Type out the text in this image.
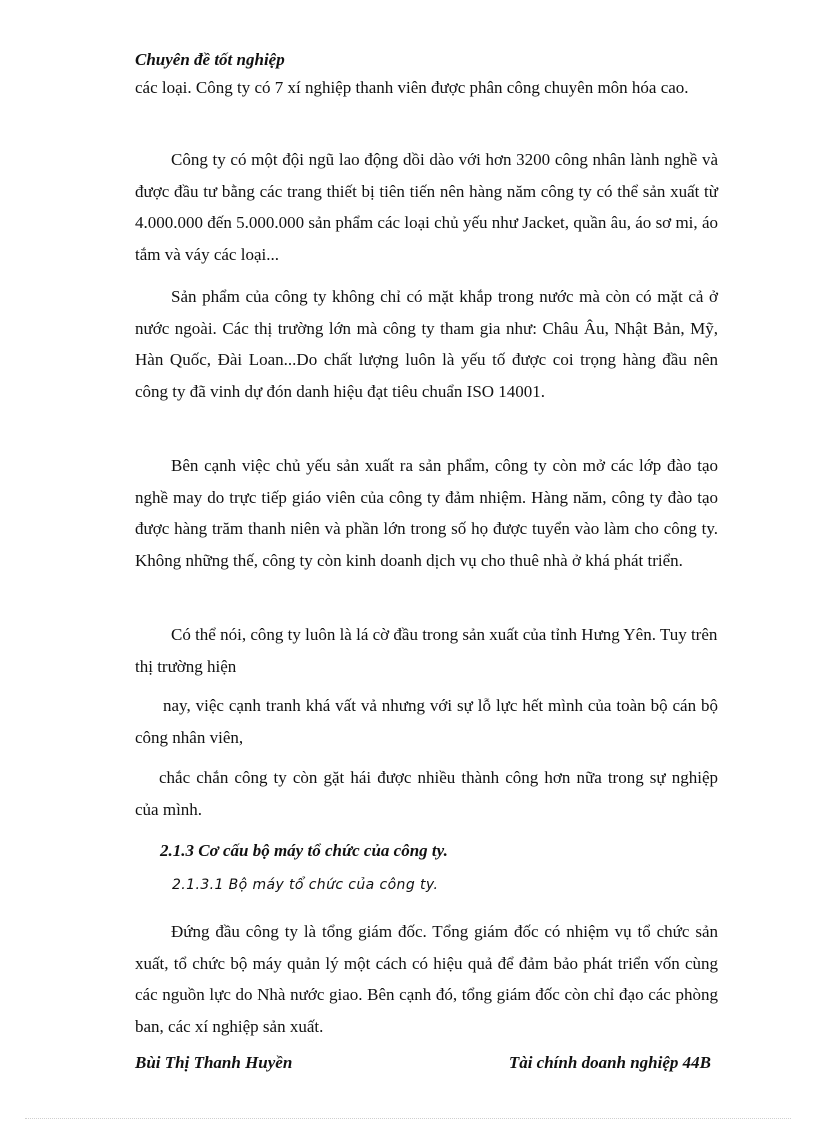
Chuyên đề tốt nghiệp

các loại. Công ty có 7 xí nghiệp thanh viên được phân công chuyên môn hóa cao.

Công ty có một đội ngũ lao động dồi dào với hơn 3200 công nhân lành nghề và được đầu tư bằng các trang thiết bị tiên tiến nên hàng năm công ty có thể sản xuất từ 4.000.000 đến 5.000.000 sản phẩm các loại chủ yếu như Jacket, quần âu, áo sơ mi, áo tắm và váy các loại...

Sản phẩm của công ty không chỉ có mặt khắp trong nước mà còn có mặt cả ở nước ngoài. Các thị trường lớn mà công ty tham gia như: Châu Âu, Nhật Bản, Mỹ, Hàn Quốc, Đài Loan...Do chất lượng luôn là yếu tố được coi trọng hàng đầu nên công ty đã vinh dự đón danh hiệu đạt tiêu chuẩn ISO 14001.

Bên cạnh việc chủ yếu sản xuất ra sản phẩm, công ty còn mở các lớp đào tạo nghề may do trực tiếp giáo viên của công ty đảm nhiệm. Hàng năm, công ty đào tạo được hàng trăm thanh niên và phần lớn trong số họ được tuyển vào làm cho công ty. Không những thế, công ty còn kinh doanh dịch vụ cho thuê nhà ở khá phát triển.

Có thể nói, công ty luôn là lá cờ đầu trong sản xuất của tỉnh Hưng Yên. Tuy trên thị trường hiện

nay, việc cạnh tranh khá vất vả nhưng với sự lỗ lực hết mình của toàn bộ cán bộ công nhân viên,

chắc chắn công ty còn gặt hái được nhiều thành công hơn nữa trong sự nghiệp của mình.

2.1.3 Cơ cấu bộ máy tổ chức của công ty.
2.1.3.1 Bộ máy tổ chức của công ty.

Đứng đầu công ty là tổng giám đốc. Tổng giám đốc có nhiệm vụ tổ chức sản xuất, tổ chức bộ máy quản lý một cách có hiệu quả để đảm bảo phát triển vốn cùng các nguồn lực do Nhà nước giao. Bên cạnh đó, tổng giám đốc còn chỉ đạo các phòng ban, các xí nghiệp sản xuất.

Bùi Thị Thanh Huyền	Tài chính doanh nghiệp 44B
